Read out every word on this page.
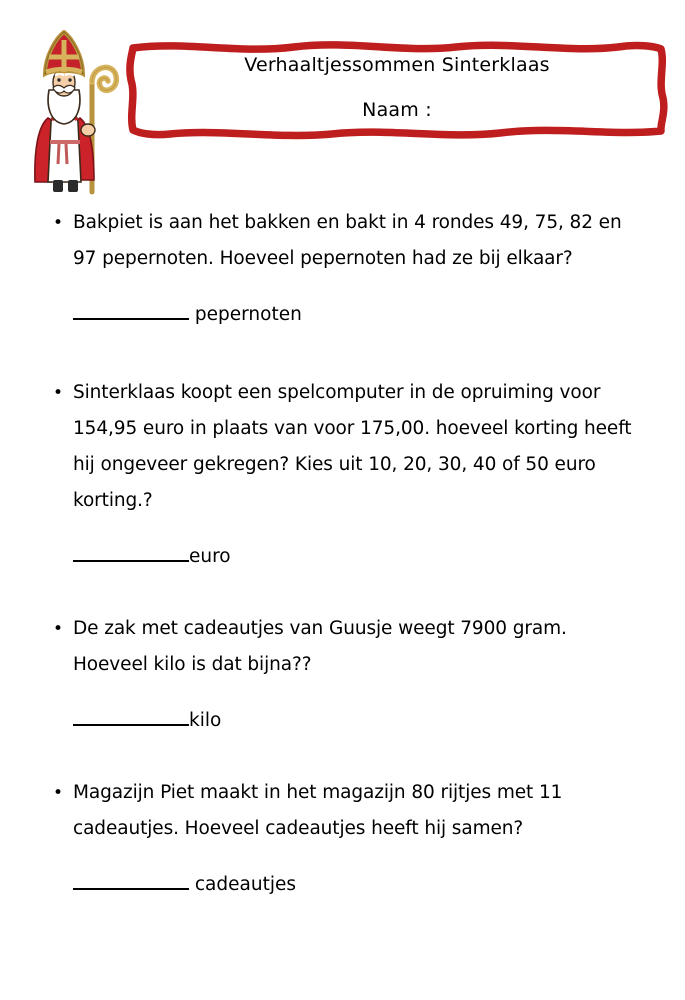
Verhaaltjessommen Sinterklaas
Naam :
• Bakpiet is aan het bakken en bakt in 4 rondes 49, 75, 82 en 97 pepernoten. Hoeveel pepernoten had ze bij elkaar?
pepernoten
• Sinterklaas koopt een spelcomputer in de opruiming voor 154,95 euro in plaats van voor 175,00. hoeveel korting heeft hij ongeveer gekregen? Kies uit 10, 20, 30, 40 of 50 euro korting.?
euro
• De zak met cadeautjes van Guusje weegt 7900 gram. Hoeveel kilo is dat bijna??
kilo
• Magazijn Piet maakt in het magazijn 80 rijtjes met 11 cadeautjes. Hoeveel cadeautjes heeft hij samen?
cadeautjes
